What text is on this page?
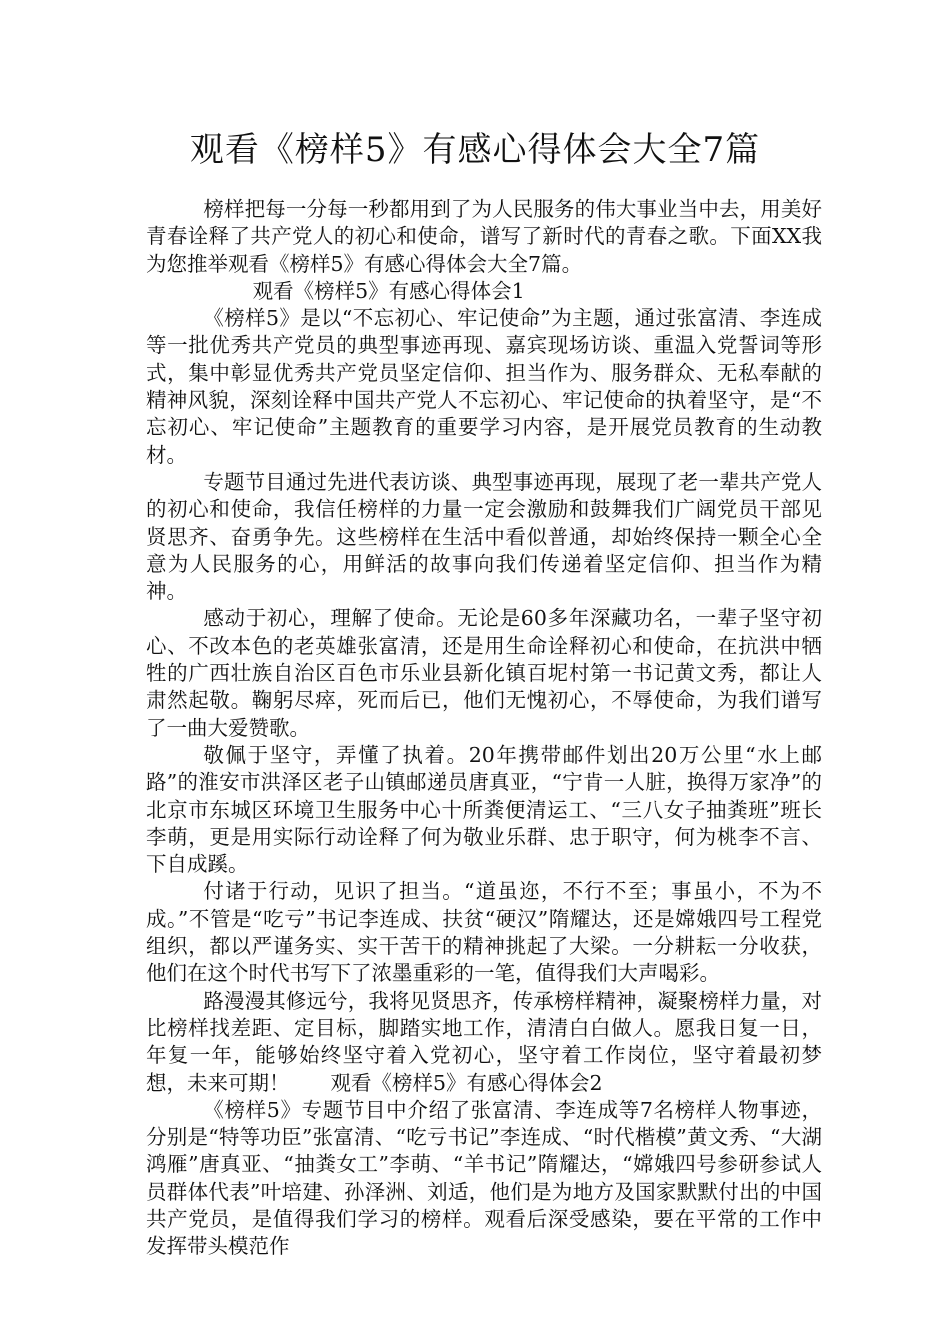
观看《榜样5》有感心得体会大全7篇

榜样把每一分每一秒都用到了为人民服务的伟大事业当中去，用美好青春诠释了共产党人的初心和使命，谱写了新时代的青春之歌。下面XX我为您推举观看《榜样5》有感心得体会大全7篇。

观看《榜样5》有感心得体会1

《榜样5》是以“不忘初心、牢记使命”为主题，通过张富清、李连成等一批优秀共产党员的典型事迹再现、嘉宾现场访谈、重温入党誓词等形式，集中彰显优秀共产党员坚定信仰、担当作为、服务群众、无私奉献的精神风貌，深刻诠释中国共产党人不忘初心、牢记使命的执着坚守，是“不忘初心、牢记使命”主题教育的重要学习内容，是开展党员教育的生动教材。

专题节目通过先进代表访谈、典型事迹再现，展现了老一辈共产党人的初心和使命，我信任榜样的力量一定会激励和鼓舞我们广阔党员干部见贤思齐、奋勇争先。这些榜样在生活中看似普通，却始终保持一颗全心全意为人民服务的心，用鲜活的故事向我们传递着坚定信仰、担当作为精神。

感动于初心，理解了使命。无论是60多年深藏功名，一辈子坚守初心、不改本色的老英雄张富清，还是用生命诠释初心和使命，在抗洪中牺牲的广西壮族自治区百色市乐业县新化镇百坭村第一书记黄文秀，都让人肃然起敬。鞠躬尽瘁，死而后已，他们无愧初心，不辱使命，为我们谱写了一曲大爱赞歌。

敬佩于坚守，弄懂了执着。20年携带邮件划出20万公里“水上邮路”的淮安市洪泽区老子山镇邮递员唐真亚，“宁肯一人脏，换得万家净”的北京市东城区环境卫生服务中心十所粪便清运工、“三八女子抽粪班”班长李萌，更是用实际行动诠释了何为敬业乐群、忠于职守，何为桃李不言、下自成蹊。

付诸于行动，见识了担当。“道虽迩，不行不至；事虽小，不为不成。”不管是“吃亏”书记李连成、扶贫“硬汉”隋耀达，还是嫦娥四号工程党组织，都以严谨务实、实干苦干的精神挑起了大梁。一分耕耘一分收获，他们在这个时代书写下了浓墨重彩的一笔，值得我们大声喝彩。

路漫漫其修远兮，我将见贤思齐，传承榜样精神，凝聚榜样力量，对比榜样找差距、定目标，脚踏实地工作，清清白白做人。愿我日复一日，年复一年，能够始终坚守着入党初心，坚守着工作岗位，坚守着最初梦想，未来可期！　　观看《榜样5》有感心得体会2

《榜样5》专题节目中介绍了张富清、李连成等7名榜样人物事迹，分别是“特等功臣”张富清、“吃亏书记”李连成、“时代楷模”黄文秀、“大湖鸿雁”唐真亚、“抽粪女工”李萌、“羊书记”隋耀达，“嫦娥四号参研参试人员群体代表”叶培建、孙泽洲、刘适，他们是为地方及国家默默付出的中国共产党员，是值得我们学习的榜样。观看后深受感染，要在平常的工作中发挥带头模范作
